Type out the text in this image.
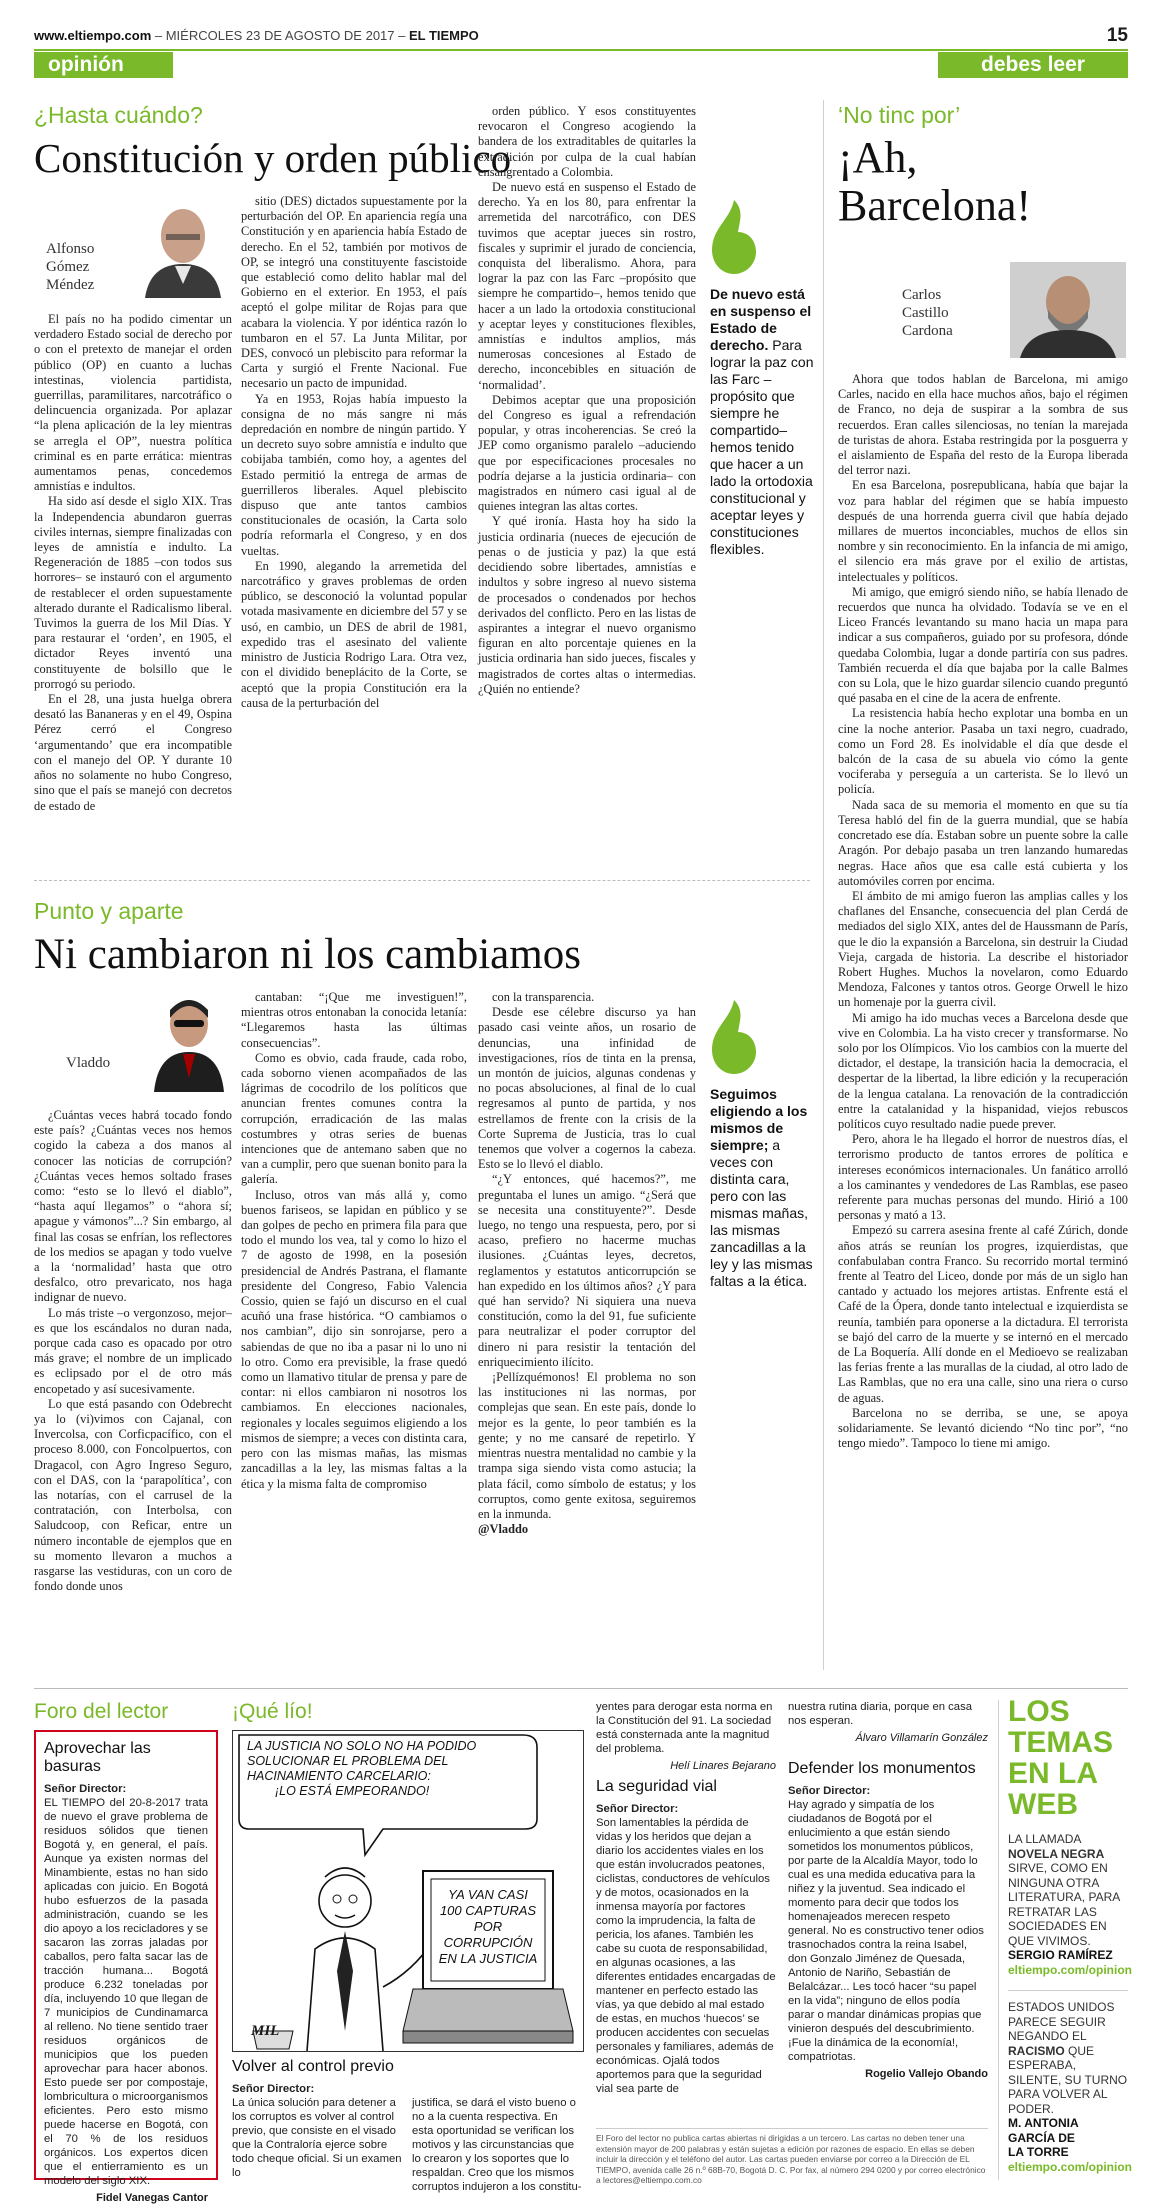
www.eltiempo.com – MIÉRCOLES 23 DE AGOSTO DE 2017 – EL TIEMPO	15
opinión	debes leer
¿Hasta cuándo?
Constitución y orden público
Alfonso
Gómez
Méndez

El país no ha podido cimentar un verdadero Estado social de derecho por o con el pretexto de manejar el orden público (OP) en cuanto a luchas intestinas, violencia partidista, guerrillas, paramilitares, narcotráfico o delincuencia organizada. Por aplazar “la plena aplicación de la ley mientras se arregla el OP”, nuestra política criminal es en parte errática: mientras aumentamos penas, concedemos amnistías e indultos.

Ha sido así desde el siglo XIX. Tras la Independencia abundaron guerras civiles internas, siempre finalizadas con leyes de amnistía e indulto. La Regeneración de 1885 –con todos sus horrores– se instauró con el argumento de restablecer el orden supuestamente alterado durante el Radicalismo liberal. Tuvimos la guerra de los Mil Días. Y para restaurar el ‘orden’, en 1905, el dictador Reyes inventó una constituyente de bolsillo que le prorrogó su periodo.

En el 28, una justa huelga obrera desató las Bananeras y en el 49, Ospina Pérez cerró el Congreso ‘argumentando’ que era incompatible con el manejo del OP. Y durante 10 años no solamente no hubo Congreso, sino que el país se manejó con decretos de estado de

sitio (DES) dictados supuestamente por la perturbación del OP. En apariencia regía una Constitución y en apariencia había Estado de derecho. En el 52, también por motivos de OP, se integró una constituyente fascistoide que estableció como delito hablar mal del Gobierno en el exterior. En 1953, el país aceptó el golpe militar de Rojas para que acabara la violencia. Y por idéntica razón lo tumbaron en el 57. La Junta Militar, por DES, convocó un plebiscito para reformar la Carta y surgió el Frente Nacional. Fue necesario un pacto de impunidad.

Ya en 1953, Rojas había impuesto la consigna de no más sangre ni más depredación en nombre de ningún partido. Y un decreto suyo sobre amnistía e indulto que cobijaba también, como hoy, a agentes del Estado permitió la entrega de armas de guerrilleros liberales. Aquel plebiscito dispuso que ante tantos cambios constitucionales de ocasión, la Carta solo podría reformarla el Congreso, y en dos vueltas.

En 1990, alegando la arremetida del narcotráfico y graves problemas de orden público, se desconoció la voluntad popular votada masivamente en diciembre del 57 y se usó, en cambio, un DES de abril de 1981, expedido tras el asesinato del valiente ministro de Justicia Rodrigo Lara. Otra vez, con el dividido beneplácito de la Corte, se aceptó que la propia Constitución era la causa de la perturbación del

orden público. Y esos constituyentes revocaron el Congreso acogiendo la bandera de los extraditables de quitarles la extradición por culpa de la cual habían ensangrentado a Colombia.

De nuevo está en suspenso el Estado de derecho. Ya en los 80, para enfrentar la arremetida del narcotráfico, con DES tuvimos que aceptar jueces sin rostro, fiscales y suprimir el jurado de conciencia, conquista del liberalismo. Ahora, para lograr la paz con las Farc –propósito que siempre he compartido–, hemos tenido que hacer a un lado la ortodoxia constitucional y aceptar leyes y constituciones flexibles, amnistías e indultos amplios, más numerosas concesiones al Estado de derecho, inconcebibles en situación de ‘normalidad’.

Debimos aceptar que una proposición del Congreso es igual a refrendación popular, y otras incoherencias. Se creó la JEP como organismo paralelo –aduciendo que por especificaciones procesales no podría dejarse a la justicia ordinaria– con magistrados en número casi igual al de quienes integran las altas cortes.

Y qué ironía. Hasta hoy ha sido la justicia ordinaria (nueces de ejecución de penas o de justicia y paz) la que está decidiendo sobre libertades, amnistías e indultos y sobre ingreso al nuevo sistema de procesados o condenados por hechos derivados del conflicto. Pero en las listas de aspirantes a integrar el nuevo organismo figuran en alto porcentaje quienes en la justicia ordinaria han sido jueces, fiscales y magistrados de cortes altas o intermedias. ¿Quién no entiende?

De nuevo está en suspenso el Estado de derecho. Para lograr la paz con las Farc –propósito que siempre he compartido– hemos tenido que hacer a un lado la ortodoxia constitucional y aceptar leyes y constituciones flexibles.
‘No tinc por’
¡Ah,
Barcelona!
Carlos
Castillo
Cardona

Ahora que todos hablan de Barcelona, mi amigo Carles, nacido en ella hace muchos años, bajo el régimen de Franco, no deja de suspirar a la sombra de sus recuerdos. Eran calles silenciosas, no tenían la marejada de turistas de ahora. Estaba restringida por la posguerra y el aislamiento de España del resto de la Europa liberada del terror nazi.

En esa Barcelona, posrepublicana, había que bajar la voz para hablar del régimen que se había impuesto después de una horrenda guerra civil que había dejado millares de muertos inconciables, muchos de ellos sin nombre y sin reconocimiento. En la infancia de mi amigo, el silencio era más grave por el exilio de artistas, intelectuales y políticos.

Mi amigo, que emigró siendo niño, se había llenado de recuerdos que nunca ha olvidado. Todavía se ve en el Liceo Francés levantando su mano hacia un mapa para indicar a sus compañeros, guiado por su profesora, dónde quedaba Colombia, lugar a donde partiría con sus padres. También recuerda el día que bajaba por la calle Balmes con su Lola, que le hizo guardar silencio cuando preguntó qué pasaba en el cine de la acera de enfrente.

La resistencia había hecho explotar una bomba en un cine la noche anterior. Pasaba un taxi negro, cuadrado, como un Ford 28. Es inolvidable el día que desde el balcón de la casa de su abuela vio cómo la gente vociferaba y perseguía a un carterista. Se lo llevó un policía.

Nada saca de su memoria el momento en que su tía Teresa habló del fin de la guerra mundial, que se había concretado ese día. Estaban sobre un puente sobre la calle Aragón. Por debajo pasaba un tren lanzando humaredas negras. Hace años que esa calle está cubierta y los automóviles corren por encima.

El ámbito de mi amigo fueron las amplias calles y los chaflanes del Ensanche, consecuencia del plan Cerdá de mediados del siglo XIX, antes del de Haussmann de París, que le dio la expansión a Barcelona, sin destruir la Ciudad Vieja, cargada de historia. La describe el historiador Robert Hughes. Muchos la novelaron, como Eduardo Mendoza, Falcones y tantos otros. George Orwell le hizo un homenaje por la guerra civil.

Mi amigo ha ido muchas veces a Barcelona desde que vive en Colombia. La ha visto crecer y transformarse. No solo por los Olímpicos. Vio los cambios con la muerte del dictador, el destape, la transición hacia la democracia, el despertar de la libertad, la libre edición y la recuperación de la lengua catalana. La renovación de la contradicción entre la catalanidad y la hispanidad, viejos rebuscos políticos cuyo resultado nadie puede prever.

Pero, ahora le ha llegado el horror de nuestros días, el terrorismo producto de tantos errores de política e intereses económicos internacionales. Un fanático arrolló a los caminantes y vendedores de Las Ramblas, ese paseo referente para muchas personas del mundo. Hirió a 100 personas y mató a 13.

Empezó su carrera asesina frente al café Zúrich, donde años atrás se reunían los progres, izquierdistas, que confabulaban contra Franco. Su recorrido mortal terminó frente al Teatro del Liceo, donde por más de un siglo han cantado y actuado los mejores artistas. Enfrente está el Café de la Ópera, donde tanto intelectual e izquierdista se reunía, también para oponerse a la dictadura. El terrorista se bajó del carro de la muerte y se internó en el mercado de La Boquería. Allí donde en el Medioevo se realizaban las ferias frente a las murallas de la ciudad, al otro lado de Las Ramblas, que no era una calle, sino una riera o curso de aguas.

Barcelona no se derriba, se une, se apoya solidariamente. Se levantó diciendo “No tinc por”, “no tengo miedo”. Tampoco lo tiene mi amigo.

Punto y aparte
Ni cambiaron ni los cambiamos
Vladdo

¿Cuántas veces habrá tocado fondo este país? ¿Cuántas veces nos hemos cogido la cabeza a dos manos al conocer las noticias de corrupción? ¿Cuántas veces hemos soltado frases como: “esto se lo llevó el diablo”, “hasta aquí llegamos” o “ahora sí; apague y vámonos”...? Sin embargo, al final las cosas se enfrían, los reflectores de los medios se apagan y todo vuelve a la ‘normalidad’ hasta que otro desfalco, otro prevaricato, nos haga indignar de nuevo.

Lo más triste –o vergonzoso, mejor– es que los escándalos no duran nada, porque cada caso es opacado por otro más grave; el nombre de un implicado es eclipsado por el de otro más encopetado y así sucesivamente.

Lo que está pasando con Odebrecht ya lo (vi)vimos con Cajanal, con Invercolsa, con Corficpacífico, con el proceso 8.000, con Foncolpuertos, con Dragacol, con Agro Ingreso Seguro, con el DAS, con la ‘parapolítica’, con las notarías, con el carrusel de la contratación, con Interbolsa, con Saludcoop, con Reficar, entre un número incontable de ejemplos que en su momento llevaron a muchos a rasgarse las vestiduras, con un coro de fondo donde unos

cantaban: “¡Que me investiguen!”, mientras otros entonaban la conocida letanía: “Llegaremos hasta las últimas consecuencias”.

Como es obvio, cada fraude, cada robo, cada soborno vienen acompañados de las lágrimas de cocodrilo de los políticos que anuncian frentes comunes contra la corrupción, erradicación de las malas costumbres y otras series de buenas intenciones que de antemano saben que no van a cumplir, pero que suenan bonito para la galería.

Incluso, otros van más allá y, como buenos fariseos, se lapidan en público y se dan golpes de pecho en primera fila para que todo el mundo los vea, tal y como lo hizo el 7 de agosto de 1998, en la posesión presidencial de Andrés Pastrana, el flamante presidente del Congreso, Fabio Valencia Cossio, quien se fajó un discurso en el cual acuñó una frase histórica. “O cambiamos o nos cambian”, dijo sin sonrojarse, pero a sabiendas de que no iba a pasar ni lo uno ni lo otro. Como era previsible, la frase quedó como un llamativo titular de prensa y pare de contar: ni ellos cambiaron ni nosotros los cambiamos. En elecciones nacionales, regionales y locales seguimos eligiendo a los mismos de siempre; a veces con distinta cara, pero con las mismas mañas, las mismas zancadillas a la ley, las mismas faltas a la ética y la misma falta de compromiso

con la transparencia.

Desde ese célebre discurso ya han pasado casi veinte años, un rosario de denuncias, una infinidad de investigaciones, ríos de tinta en la prensa, un montón de juicios, algunas condenas y no pocas absoluciones, al final de lo cual regresamos al punto de partida, y nos estrellamos de frente con la crisis de la Corte Suprema de Justicia, tras lo cual tenemos que volver a cogernos la cabeza. Esto se lo llevó el diablo.

“¿Y entonces, qué hacemos?”, me preguntaba el lunes un amigo. “¿Será que se necesita una constituyente?”. Desde luego, no tengo una respuesta, pero, por si acaso, prefiero no hacerme muchas ilusiones. ¿Cuántas leyes, decretos, reglamentos y estatutos anticorrupción se han expedido en los últimos años? ¿Y para qué han servido? Ni siquiera una nueva constitución, como la del 91, fue suficiente para neutralizar el poder corruptor del dinero ni para resistir la tentación del enriquecimiento ilícito.

¡Pellízquémonos! El problema no son las instituciones ni las normas, por complejas que sean. En este país, donde lo mejor es la gente, lo peor también es la gente; y no me cansaré de repetirlo. Y mientras nuestra mentalidad no cambie y la trampa siga siendo vista como astucia; la plata fácil, como símbolo de estatus; y los corruptos, como gente exitosa, seguiremos en la inmunda.

@Vladdo

Seguimos eligiendo a los mismos de siempre; a veces con distinta cara, pero con las mismas mañas, las mismas zancadillas a la ley y las mismas faltas a la ética.
Foro del lector
Aprovechar las basuras
Señor Director:
EL TIEMPO del 20-8-2017 trata de nuevo el grave problema de residuos sólidos que tienen Bogotá y, en general, el país. Aunque ya existen normas del Minambiente, estas no han sido aplicadas con juicio. En Bogotá hubo esfuerzos de la pasada administración, cuando se les dio apoyo a los recicladores y se sacaron las zorras jaladas por caballos, pero falta sacar las de tracción humana... Bogotá produce 6.232 toneladas por día, incluyendo 10 que llegan de 7 municipios de Cundinamarca al relleno. No tiene sentido traer residuos orgánicos de municipios que los pueden aprovechar para hacer abonos. Esto puede ser por compostaje, lombricultura o microorganismos eficientes. Pero esto mismo puede hacerse en Bogotá, con el 70 % de los residuos orgánicos. Los expertos dicen que el entierramiento es un modelo del siglo XIX.
Fidel Vanegas Cantor
¡Qué lío!
LA JUSTICIA NO SOLO NO HA PODIDO SOLUCIONAR EL PROBLEMA DEL HACINAMIENTO CARCELARIO:
¡LO ESTÁ EMPEORANDO!
YA VAN CASI 100 CAPTURAS POR CORRUPCIÓN EN LA JUSTICIA
MIL
Volver al control previo
Señor Director:
La única solución para detener a los corruptos es volver al control previo, que consiste en el visado que la Contraloría ejerce sobre todo cheque oficial. Si un examen lo
justifica, se dará el visto bueno o no a la cuenta respectiva. En esta oportunidad se verifican los motivos y las circunstancias que lo crearon y los soportes que lo respaldan. Creo que los mismos corruptos indujeron a los constitu-
yentes para derogar esta norma en la Constitución del 91. La sociedad está consternada ante la magnitud del problema.
Helí Linares Bejarano
La seguridad vial
Señor Director:
Son lamentables la pérdida de vidas y los heridos que dejan a diario los accidentes viales en los que están involucrados peatones, ciclistas, conductores de vehículos y de motos, ocasionados en la inmensa mayoría por factores como la imprudencia, la falta de pericia, los afanes. También les cabe su cuota de responsabilidad, en algunas ocasiones, a las diferentes entidades encargadas de mantener en perfecto estado las vías, ya que debido al mal estado de estas, en muchos ‘huecos’ se producen accidentes con secuelas personales y familiares, además de económicas. Ojalá todos aportemos para que la seguridad vial sea parte de
nuestra rutina diaria, porque en casa nos esperan.
Álvaro Villamarín González
Defender los monumentos
Señor Director:
Hay agrado y simpatía de los ciudadanos de Bogotá por el enlucimiento a que están siendo sometidos los monumentos públicos, por parte de la Alcaldía Mayor, todo lo cual es una medida educativa para la niñez y la juventud. Sea indicado el momento para decir que todos los homenajeados merecen respeto general. No es constructivo tener odios trasnochados contra la reina Isabel, don Gonzalo Jiménez de Quesada, Antonio de Nariño, Sebastián de Belalcázar... Les tocó hacer “su papel en la vida”; ninguno de ellos podía parar o mandar dinámicas propias que vinieron después del descubrimiento. ¡Fue la dinámica de la economía!, compatriotas.
Rogelio Vallejo Obando
El Foro del lector no publica cartas abiertas ni dirigidas a un tercero. Las cartas no deben tener una extensión mayor de 200 palabras y están sujetas a edición por razones de espacio. En ellas se deben incluir la dirección y el teléfono del autor. Las cartas pueden enviarse por correo a la Dirección de EL TIEMPO, avenida calle 26 n.º 68B-70, Bogotá D. C. Por fax, al número 294 0200 y por correo electrónico a lectores@eltiempo.com.co
LOS
TEMAS
EN LA
WEB
LA LLAMADA NOVELA NEGRA SIRVE, COMO EN NINGUNA OTRA LITERATURA, PARA RETRATAR LAS SOCIEDADES EN QUE VIVIMOS.
SERGIO RAMÍREZ
eltiempo.com/opinion
ESTADOS UNIDOS PARECE SEGUIR NEGANDO EL RACISMO QUE ESPERABA, SILENTE, SU TURNO PARA VOLVER AL PODER.
M. ANTONIA
GARCÍA DE
LA TORRE
eltiempo.com/opinion
